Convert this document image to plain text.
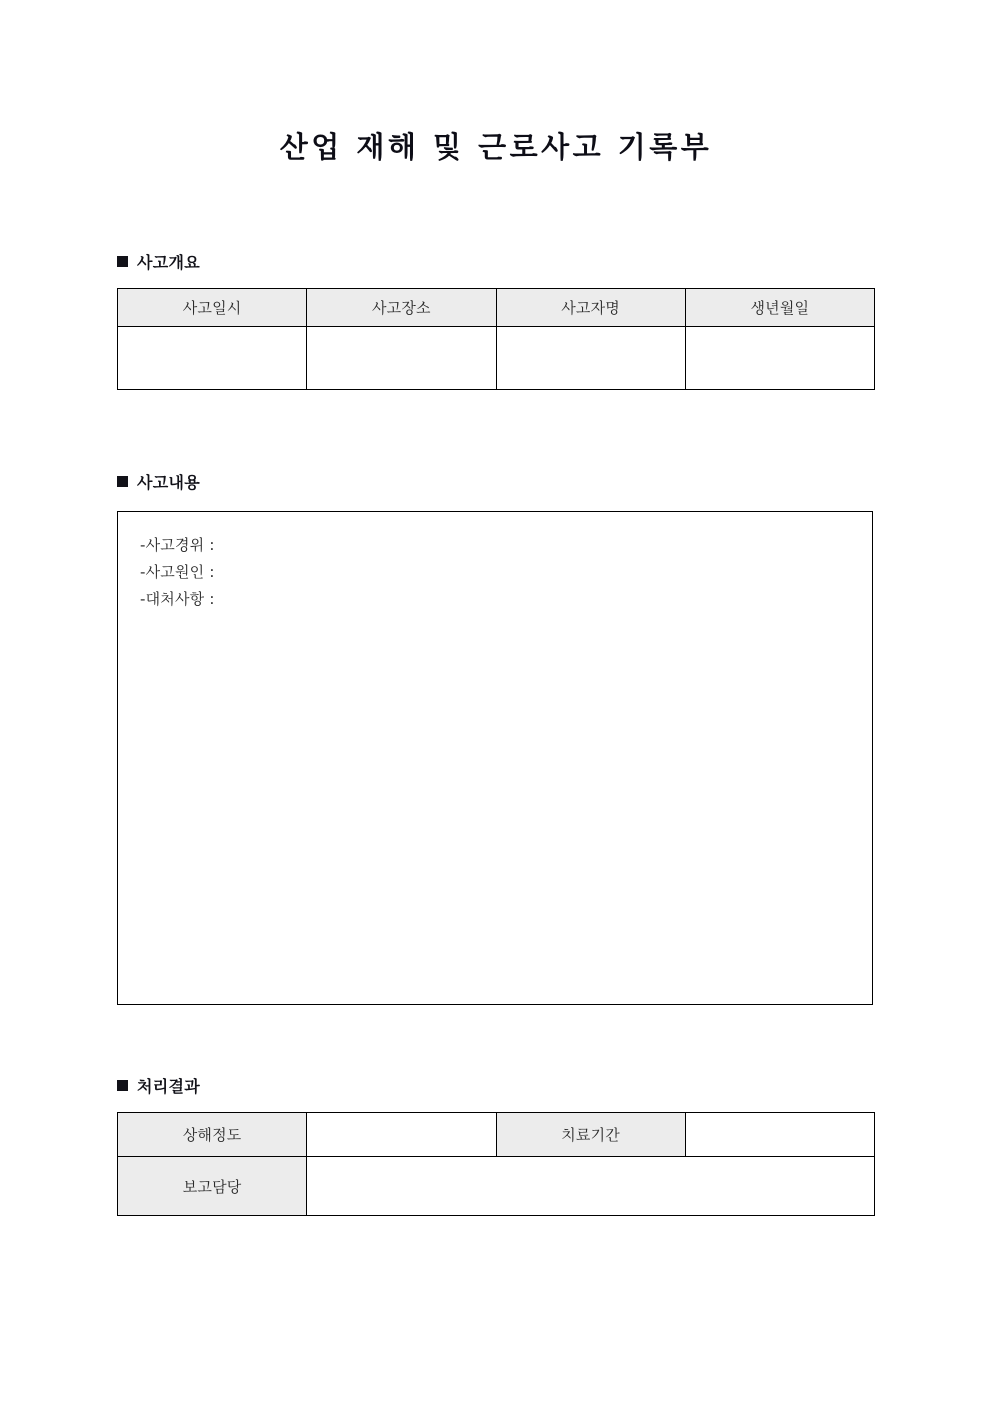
산업 재해 및 근로사고 기록부
사고개요
사고일시	사고장소	사고자명	생년월일

사고내용
-사고경위 :
-사고원인 :
-대처사항 :
처리결과
상해정도		치료기간	
보고담당			
